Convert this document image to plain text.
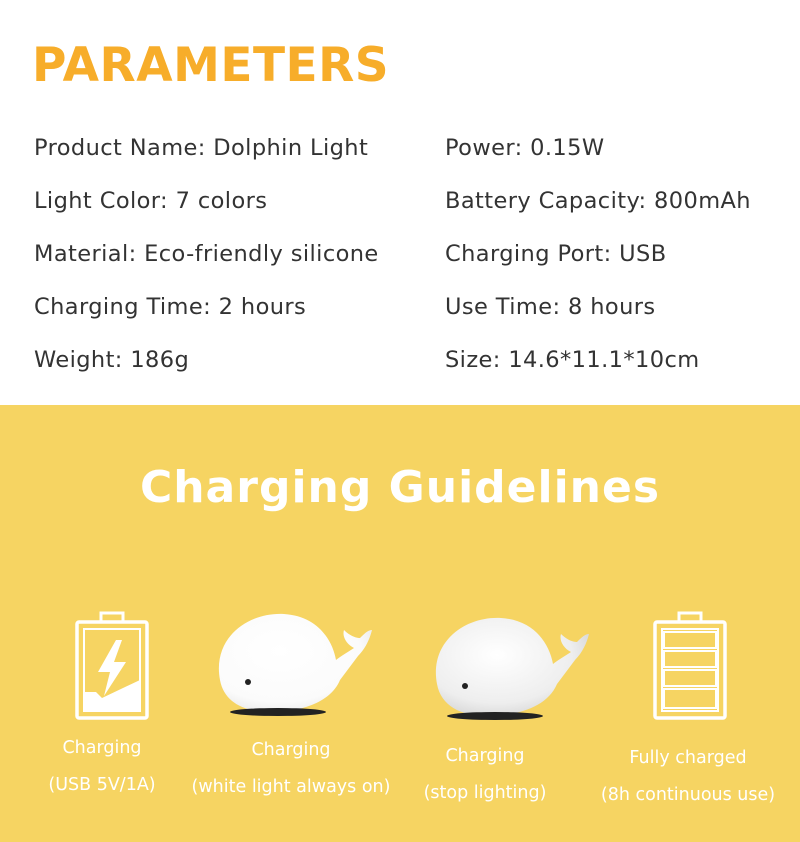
PARAMETERS
Product Name: Dolphin Light
Light Color: 7 colors
Material: Eco-friendly silicone
Charging Time: 2 hours
Weight: 186g
Power: 0.15W
Battery Capacity: 800mAh
Charging Port: USB
Use Time: 8 hours
Size: 14.6*11.1*10cm
Charging Guidelines
Charging
(USB 5V/1A)
Charging
(white light always on)
Charging
(stop lighting)
Fully charged
(8h continuous use)
